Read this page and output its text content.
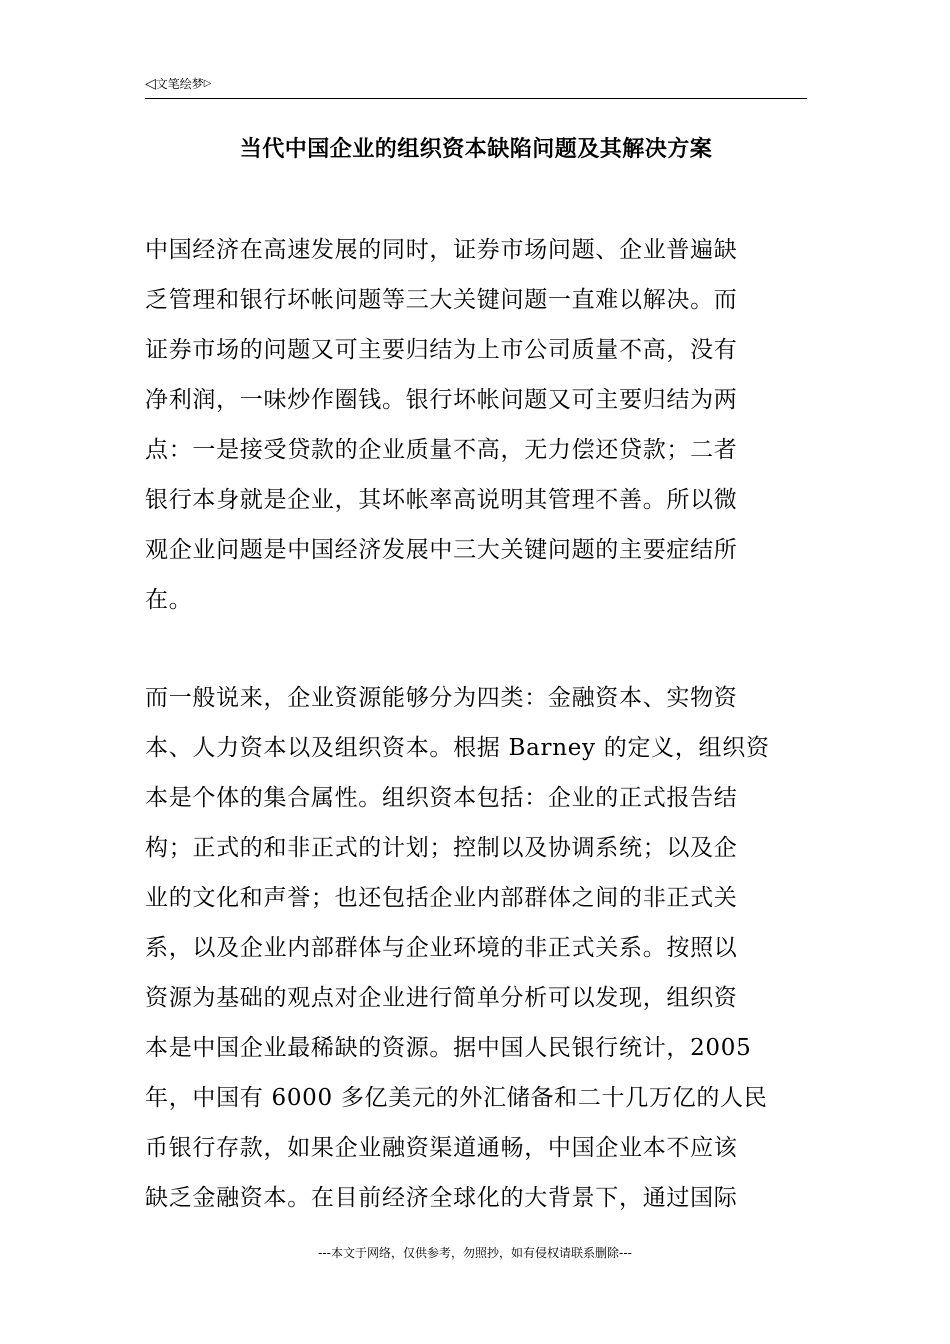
◁文笔绘梦▷
当代中国企业的组织资本缺陷问题及其解决方案
中国经济在高速发展的同时，证券市场问题、企业普遍缺
乏管理和银行坏帐问题等三大关键问题一直难以解决。而
证券市场的问题又可主要归结为上市公司质量不高，没有
净利润，一味炒作圈钱。银行坏帐问题又可主要归结为两
点：一是接受贷款的企业质量不高，无力偿还贷款；二者
银行本身就是企业，其坏帐率高说明其管理不善。所以微
观企业问题是中国经济发展中三大关键问题的主要症结所
在。
而一般说来，企业资源能够分为四类：金融资本、实物资
本、人力资本以及组织资本。根据 Barney 的定义，组织资
本是个体的集合属性。组织资本包括：企业的正式报告结
构；正式的和非正式的计划；控制以及协调系统；以及企
业的文化和声誉；也还包括企业内部群体之间的非正式关
系，以及企业内部群体与企业环境的非正式关系。按照以
资源为基础的观点对企业进行简单分析可以发现，组织资
本是中国企业最稀缺的资源。据中国人民银行统计，2005
年，中国有 6000 多亿美元的外汇储备和二十几万亿的人民
币银行存款，如果企业融资渠道通畅，中国企业本不应该
缺乏金融资本。在目前经济全球化的大背景下，通过国际
---本文于网络，仅供参考，勿照抄，如有侵权请联系删除---
